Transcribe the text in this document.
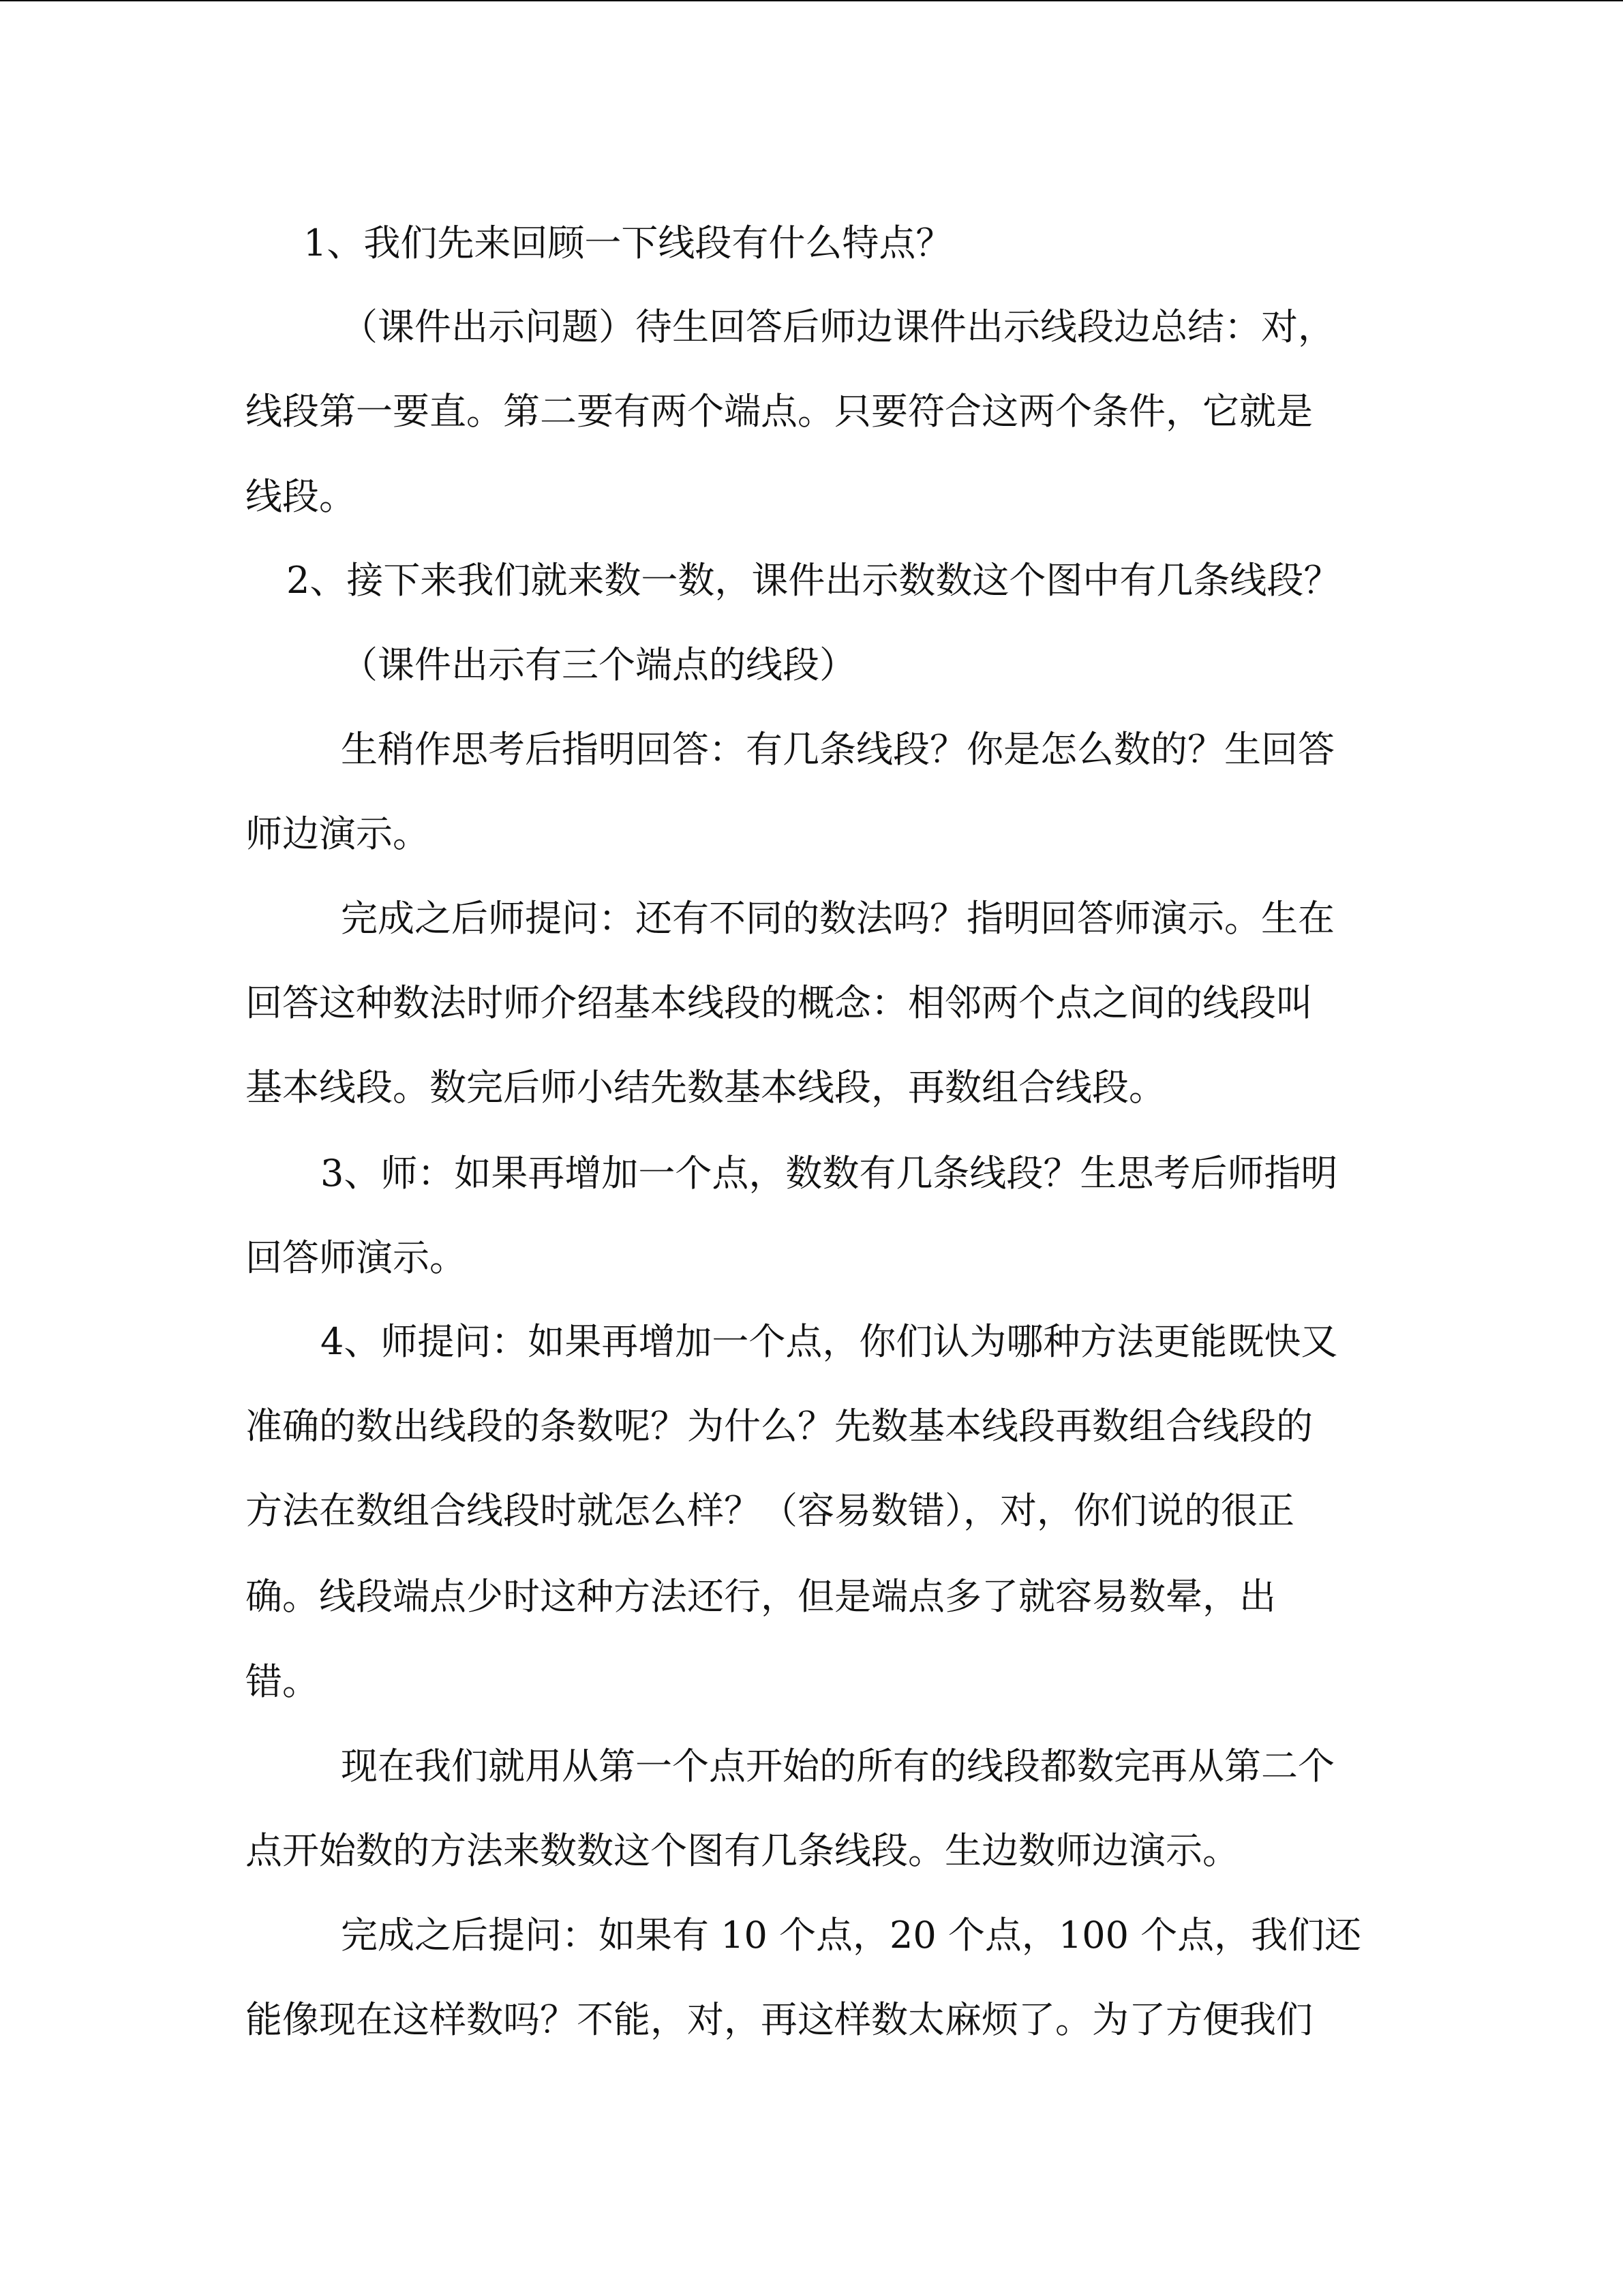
1、我们先来回顾一下线段有什么特点？

（课件出示问题）待生回答后师边课件出示线段边总结：对，

线段第一要直。第二要有两个端点。只要符合这两个条件，它就是

线段。

2、接下来我们就来数一数，课件出示数数这个图中有几条线段？

（课件出示有三个端点的线段）

生稍作思考后指明回答：有几条线段？你是怎么数的？生回答

师边演示。

完成之后师提问：还有不同的数法吗？指明回答师演示。生在

回答这种数法时师介绍基本线段的概念：相邻两个点之间的线段叫

基本线段。数完后师小结先数基本线段，再数组合线段。

3、师：如果再增加一个点，数数有几条线段？生思考后师指明

回答师演示。

4、师提问：如果再增加一个点，你们认为哪种方法更能既快又

准确的数出线段的条数呢？为什么？先数基本线段再数组合线段的

方法在数组合线段时就怎么样？（容易数错），对，你们说的很正

确。线段端点少时这种方法还行，但是端点多了就容易数晕，出

错。

现在我们就用从第一个点开始的所有的线段都数完再从第二个

点开始数的方法来数数这个图有几条线段。生边数师边演示。

完成之后提问：如果有 10 个点，20 个点，100 个点，我们还

能像现在这样数吗？不能，对，再这样数太麻烦了。为了方便我们
